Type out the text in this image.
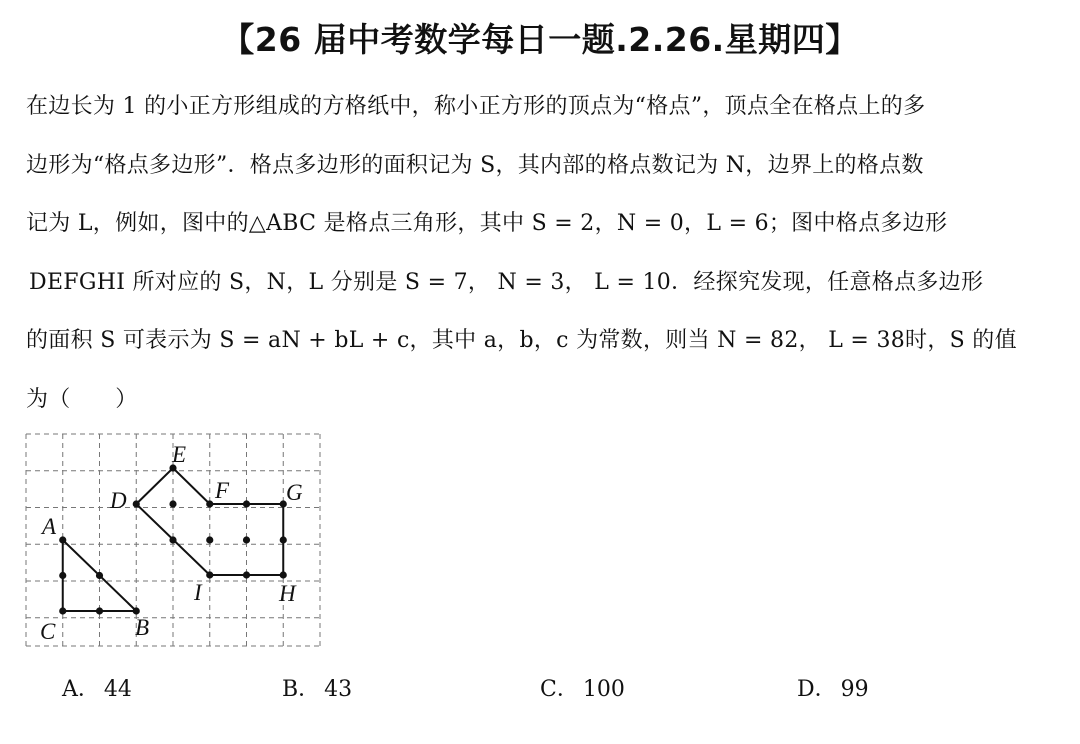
【26 届中考数学每日一题.2.26.星期四】
在边长为 1 的小正方形组成的方格纸中，称小正方形的顶点为“格点”，顶点全在格点上的多
边形为“格点多边形”．格点多边形的面积记为 S，其内部的格点数记为 N，边界上的格点数
记为 L，例如，图中的△ABC 是格点三角形，其中 S = 2，N = 0，L = 6；图中格点多边形
DEFGHI 所对应的 S，N，L 分别是 S = 7， N = 3， L = 10．经探究发现，任意格点多边形
的面积 S 可表示为 S = aN + bL + c，其中 a，b，c 为常数，则当 N = 82， L = 38时，S 的值
为（　　）
A
B
C
D
E
F G
H
I
A． 44	B． 43	C． 100	D． 99
